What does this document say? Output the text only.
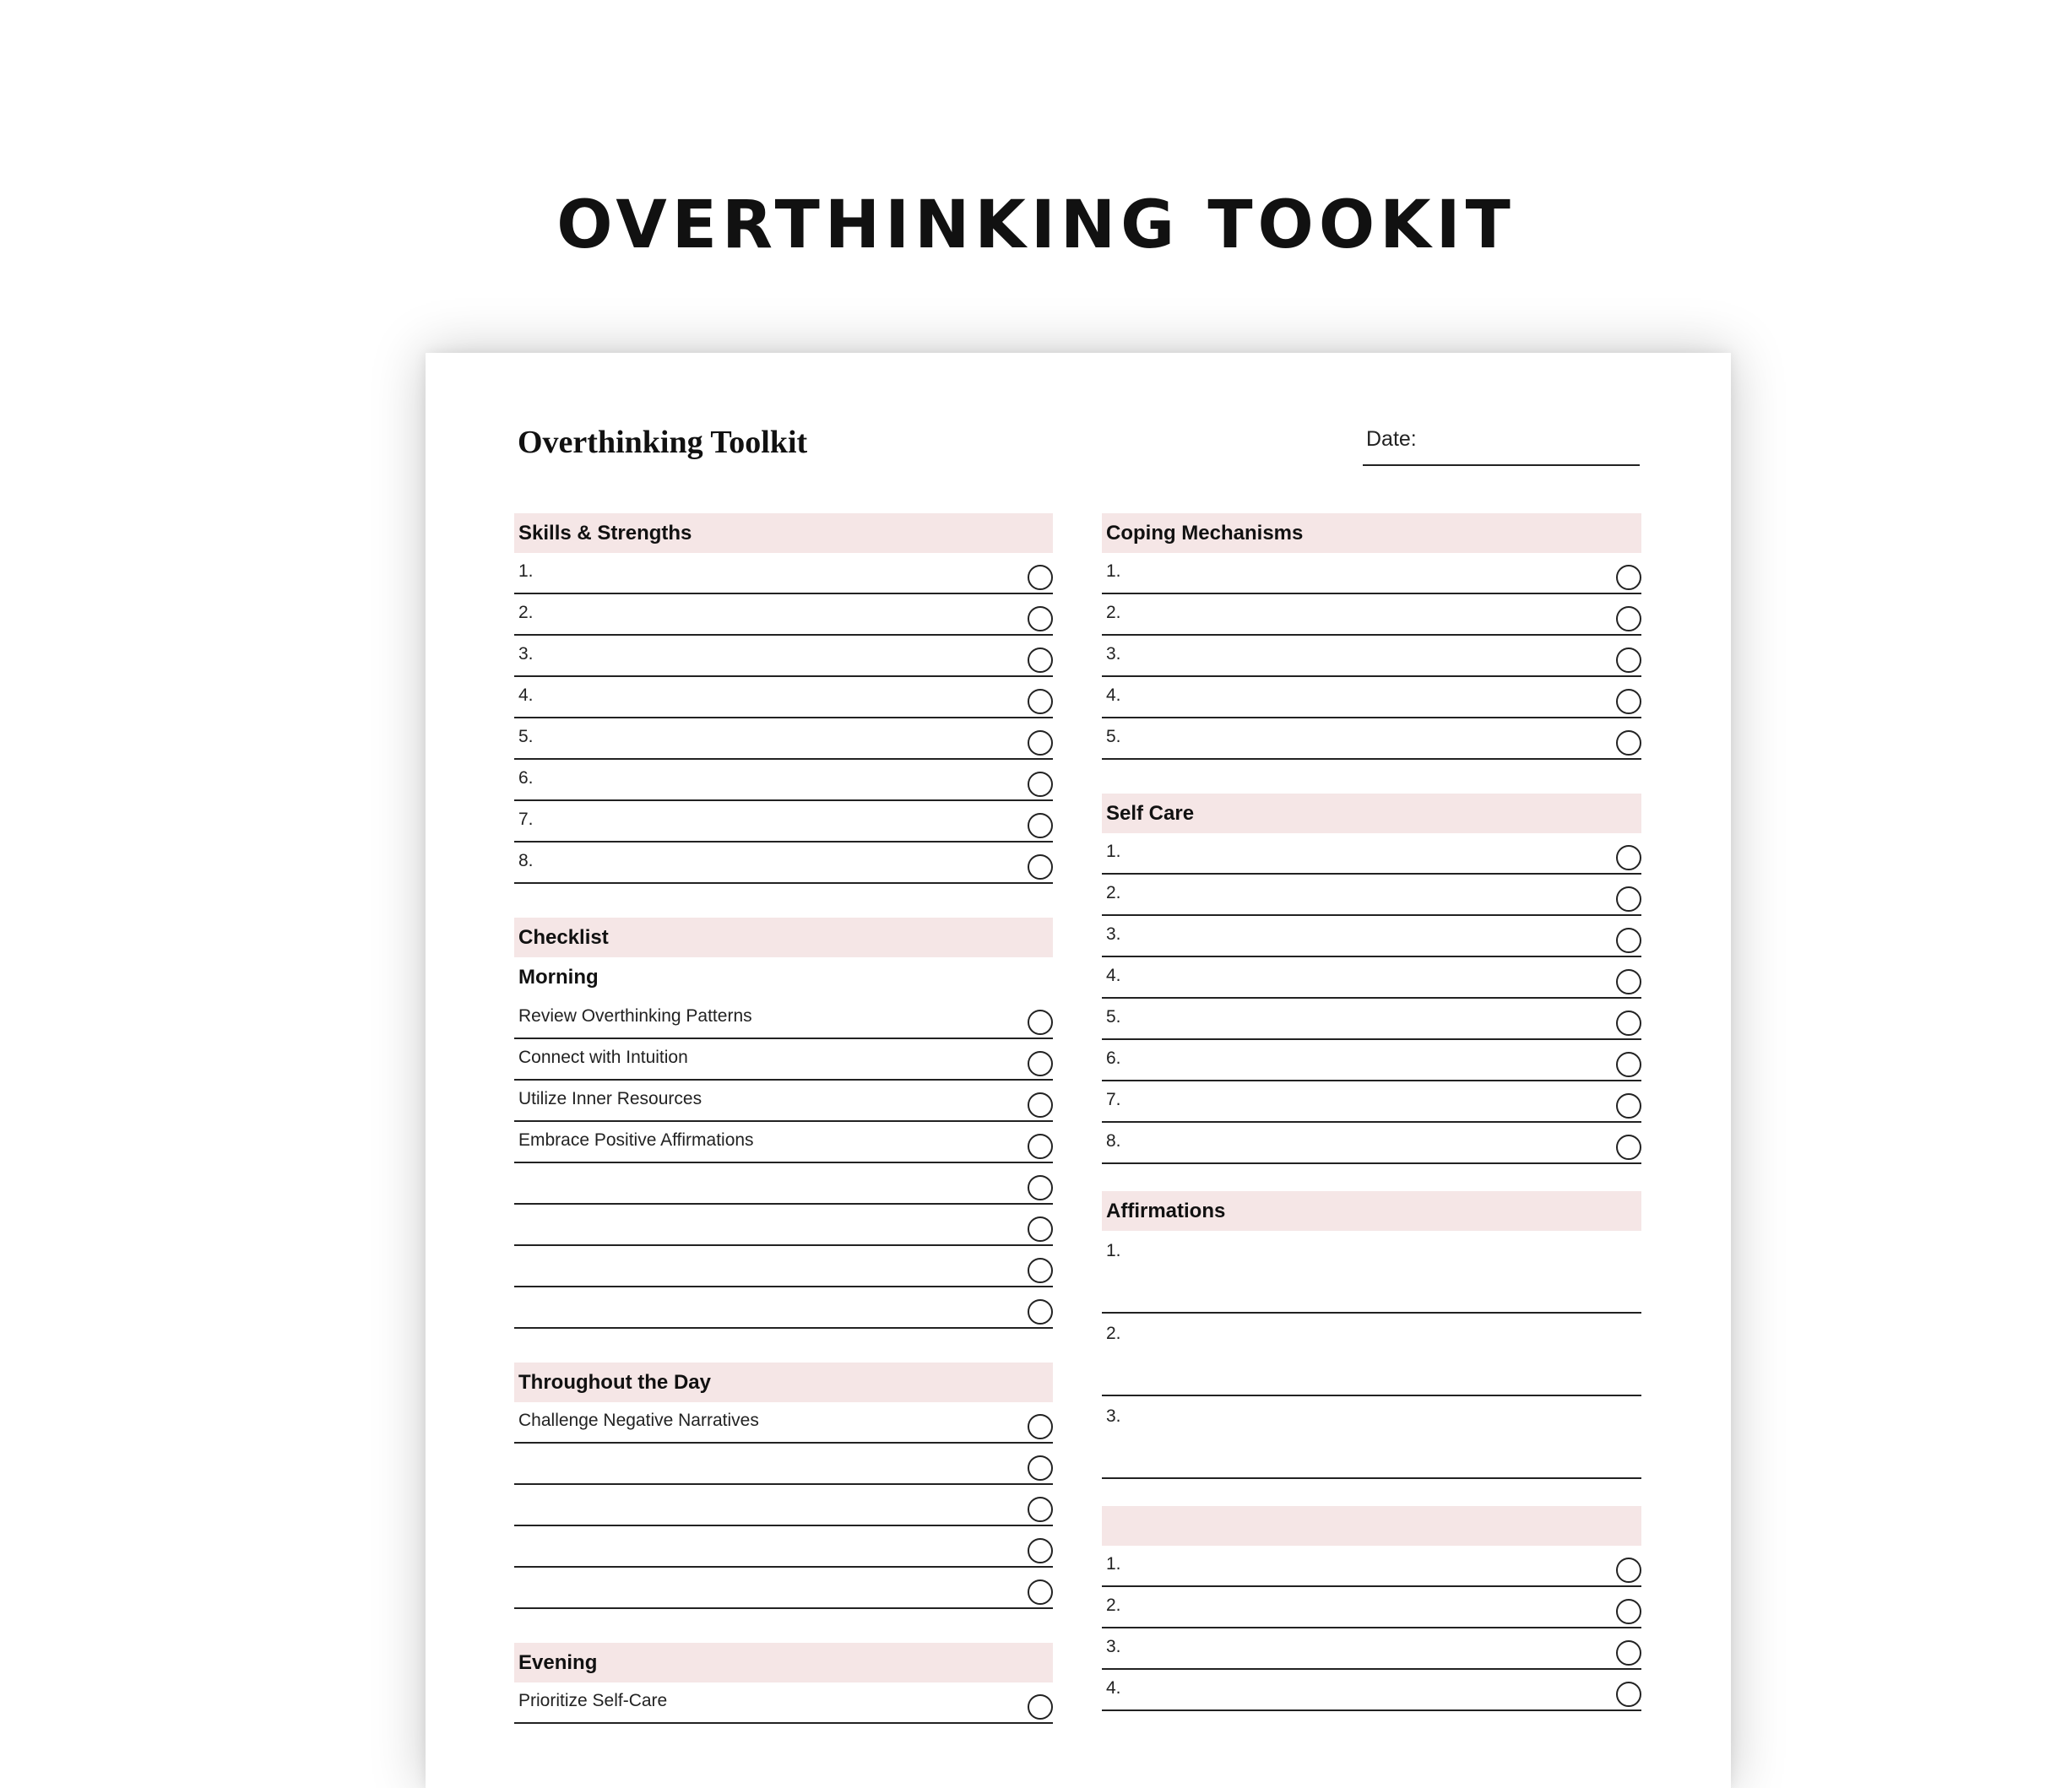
OVERTHINKING TOOKIT
Overthinking Toolkit	Date:
Skills & Strengths
1.
2.
3.
4.
5.
6.
7.
8.
Checklist
Morning
Review Overthinking Patterns
Connect with Intuition
Utilize Inner Resources
Embrace Positive Affirmations
Throughout the Day
Challenge Negative Narratives
Evening
Prioritize Self-Care
Coping Mechanisms
1.
2.
3.
4.
5.
Self Care
1.
2.
3.
4.
5.
6.
7.
8.
Affirmations
1.
2.
3.
1.
2.
3.
4.
